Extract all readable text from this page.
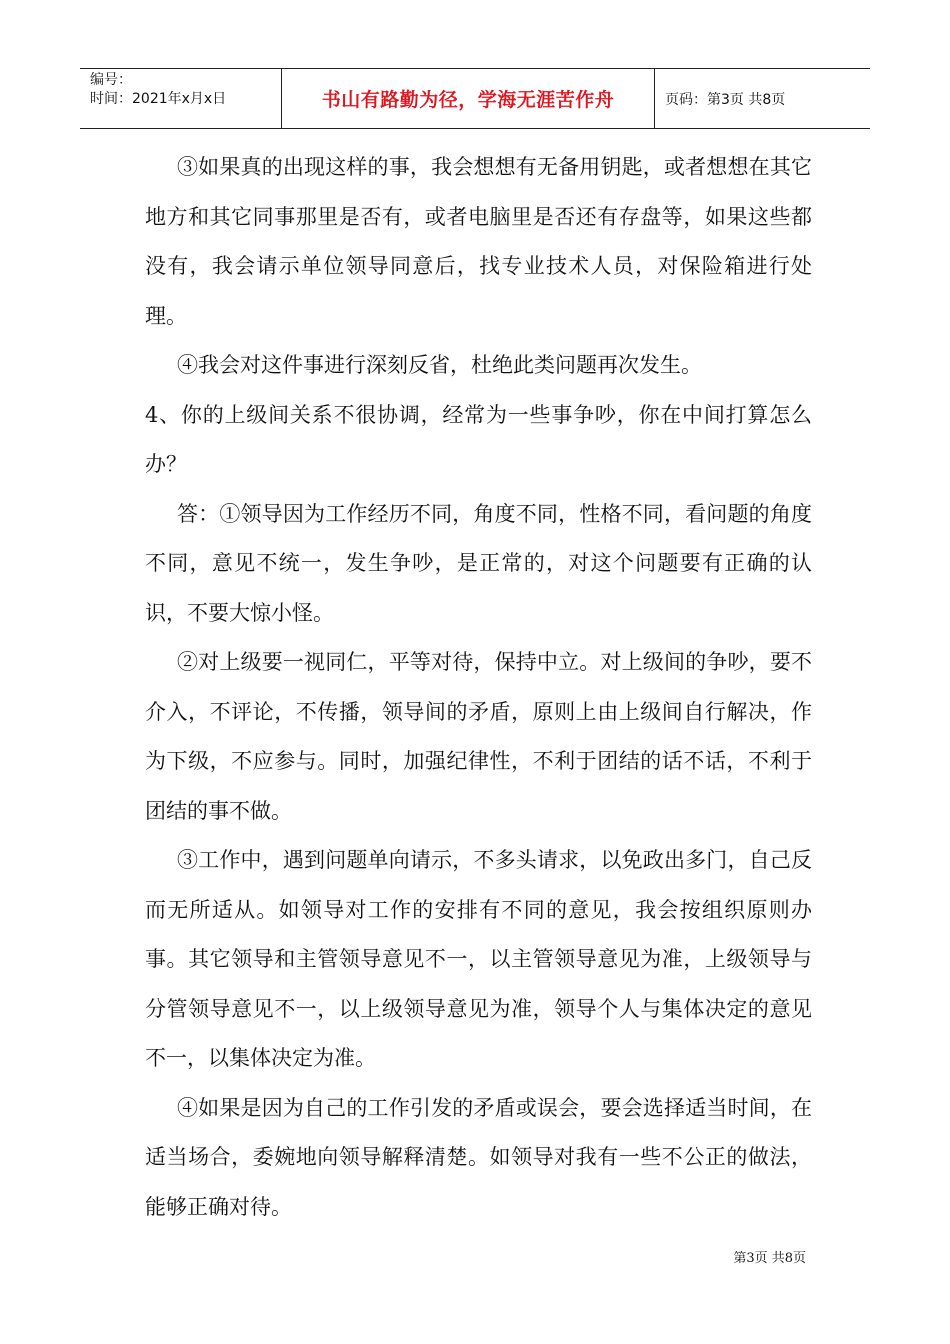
编号：
时间：2021年x月x日	书山有路勤为径，学海无涯苦作舟	页码：第3页 共8页

③如果真的出现这样的事，我会想想有无备用钥匙，或者想想在其它地方和其它同事那里是否有，或者电脑里是否还有存盘等，如果这些都没有，我会请示单位领导同意后，找专业技术人员，对保险箱进行处理。

④我会对这件事进行深刻反省，杜绝此类问题再次发生。

4、你的上级间关系不很协调，经常为一些事争吵，你在中间打算怎么办？

答：①领导因为工作经历不同，角度不同，性格不同，看问题的角度不同，意见不统一，发生争吵，是正常的，对这个问题要有正确的认识，不要大惊小怪。

②对上级要一视同仁，平等对待，保持中立。对上级间的争吵，要不介入，不评论，不传播，领导间的矛盾，原则上由上级间自行解决，作为下级，不应参与。同时，加强纪律性，不利于团结的话不话，不利于团结的事不做。

③工作中，遇到问题单向请示，不多头请求，以免政出多门，自己反而无所适从。如领导对工作的安排有不同的意见，我会按组织原则办事。其它领导和主管领导意见不一，以主管领导意见为准，上级领导与分管领导意见不一，以上级领导意见为准，领导个人与集体决定的意见不一，以集体决定为准。

④如果是因为自己的工作引发的矛盾或误会，要会选择适当时间，在适当场合，委婉地向领导解释清楚。如领导对我有一些不公正的做法，能够正确对待。

第3页 共8页
